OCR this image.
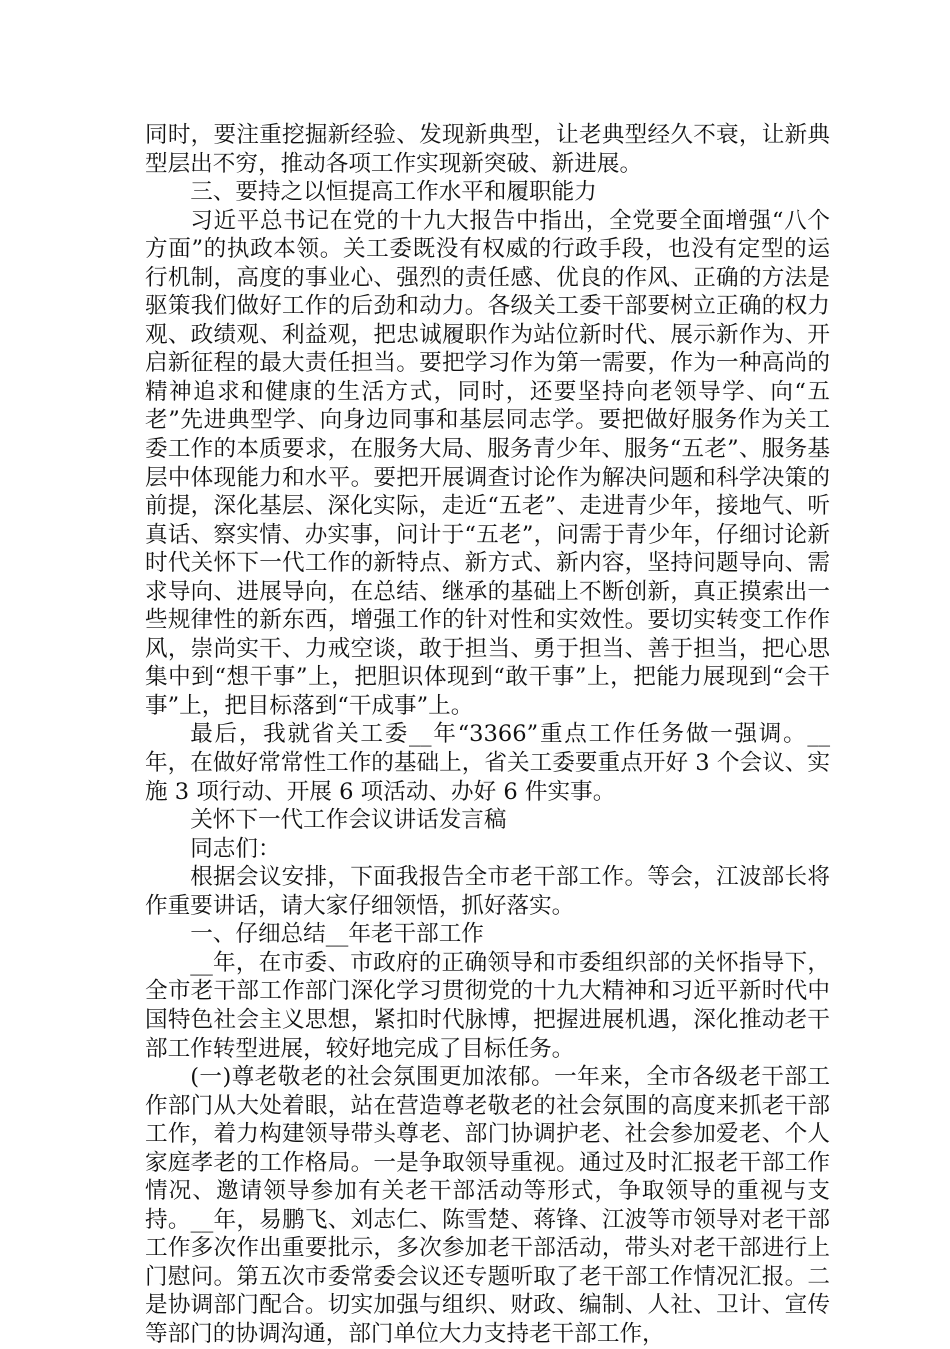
同时，要注重挖掘新经验、发现新典型，让老典型经久不衰，让新典型层出不穷，推动各项工作实现新突破、新进展。

三、要持之以恒提高工作水平和履职能力

习近平总书记在党的十九大报告中指出，全党要全面增强“八个方面”的执政本领。关工委既没有权威的行政手段，也没有定型的运行机制，高度的事业心、强烈的责任感、优良的作风、正确的方法是驱策我们做好工作的后劲和动力。各级关工委干部要树立正确的权力观、政绩观、利益观，把忠诚履职作为站位新时代、展示新作为、开启新征程的最大责任担当。要把学习作为第一需要，作为一种高尚的精神追求和健康的生活方式，同时，还要坚持向老领导学、向“五老”先进典型学、向身边同事和基层同志学。要把做好服务作为关工委工作的本质要求，在服务大局、服务青少年、服务“五老”、服务基层中体现能力和水平。要把开展调查讨论作为解决问题和科学决策的前提，深化基层、深化实际，走近“五老”、走进青少年，接地气、听真话、察实情、办实事，问计于“五老”，问需于青少年，仔细讨论新时代关怀下一代工作的新特点、新方式、新内容，坚持问题导向、需求导向、进展导向，在总结、继承的基础上不断创新，真正摸索出一些规律性的新东西，增强工作的针对性和实效性。要切实转变工作作风，崇尚实干、力戒空谈，敢于担当、勇于担当、善于担当，把心思集中到“想干事”上，把胆识体现到“敢干事”上，把能力展现到“会干事”上，把目标落到“干成事”上。

最后，我就省关工委__年“3366”重点工作任务做一强调。__年，在做好常常性工作的基础上，省关工委要重点开好 3 个会议、实施 3 项行动、开展 6 项活动、办好 6 件实事。

关怀下一代工作会议讲话发言稿

同志们：

根据会议安排，下面我报告全市老干部工作。等会，江波部长将作重要讲话，请大家仔细领悟，抓好落实。

一、仔细总结__年老干部工作

__年，在市委、市政府的正确领导和市委组织部的关怀指导下，全市老干部工作部门深化学习贯彻党的十九大精神和习近平新时代中国特色社会主义思想，紧扣时代脉博，把握进展机遇，深化推动老干部工作转型进展，较好地完成了目标任务。

(一)尊老敬老的社会氛围更加浓郁。一年来，全市各级老干部工作部门从大处着眼，站在营造尊老敬老的社会氛围的高度来抓老干部工作，着力构建领导带头尊老、部门协调护老、社会参加爱老、个人家庭孝老的工作格局。一是争取领导重视。通过及时汇报老干部工作情况、邀请领导参加有关老干部活动等形式，争取领导的重视与支持。__年，易鹏飞、刘志仁、陈雪楚、蒋锋、江波等市领导对老干部工作多次作出重要批示，多次参加老干部活动，带头对老干部进行上门慰问。第五次市委常委会议还专题听取了老干部工作情况汇报。二是协调部门配合。切实加强与组织、财政、编制、人社、卫计、宣传等部门的协调沟通，部门单位大力支持老干部工作，
